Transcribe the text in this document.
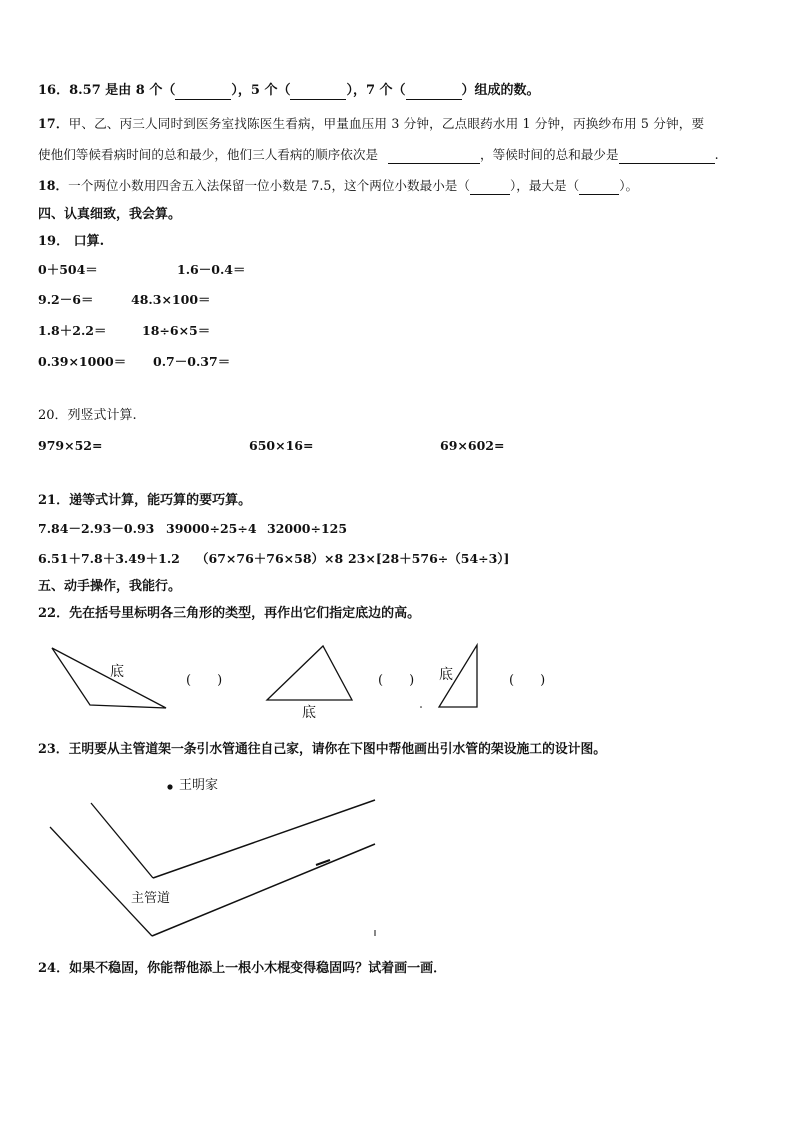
16．8.57 是由 8 个（	），5 个（	），7 个（	）组成的数。
17．甲、乙、丙三人同时到医务室找陈医生看病，甲量血压用 3 分钟，乙点眼药水用 1 分钟，丙换纱布用 5 分钟，要
使他们等候看病时间的总和最少，他们三人看病的顺序依次是	，等候时间的总和最少是	.
18．一个两位小数用四舍五入法保留一位小数是 7.5，这个两位小数最小是（	），最大是（	）。
四、认真细致，我会算。
19． 口算.
0＋504＝	1.6－0.4＝
9.2－6＝	48.3×100＝
1.8＋2.2＝	18÷6×5＝
0.39×1000＝ 0.7－0.37＝
20．列竖式计算.
979×52=	650×16=	69×602=
21．递等式计算，能巧算的要巧算。
7.84－2.93－0.93 39000÷25÷4 32000÷125
6.51＋7.8＋3.49＋1.2 （67×76＋76×58）×8 23×[28＋576÷（54÷3）]
五、动手操作，我能行。
22．先在括号里标明各三角形的类型，再作出它们指定底边的高。
底
底
底
(　　)	(　　)	(　　)
23．王明要从主管道架一条引水管通往自己家，请你在下图中帮他画出引水管的架设施工的设计图。
王明家
主管道
24．如果不稳固，你能帮他添上一根小木棍变得稳固吗？试着画一画．
